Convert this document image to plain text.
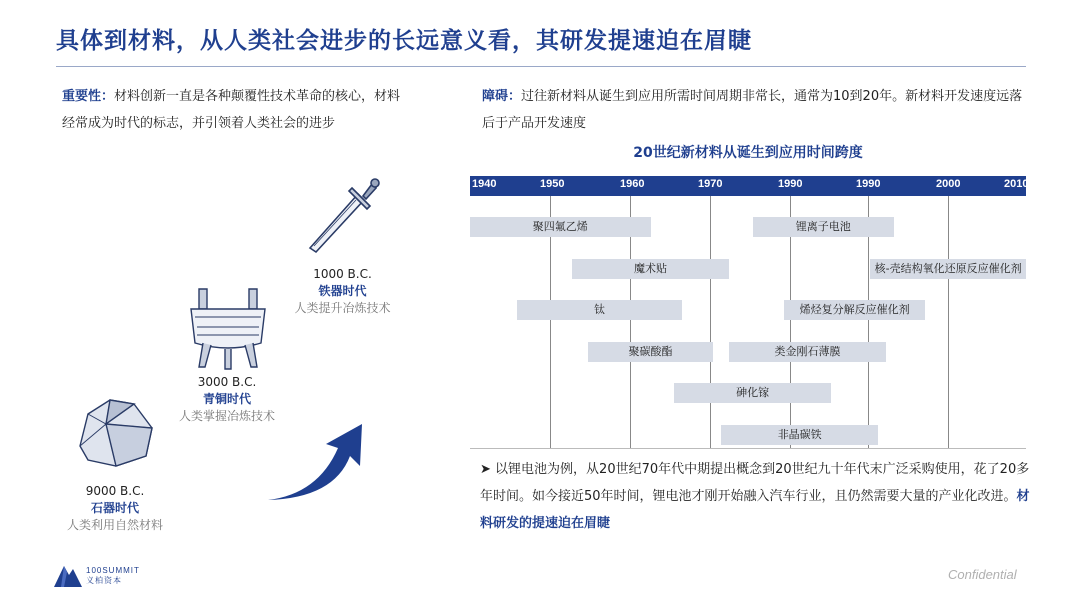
具体到材料，从人类社会进步的长远意义看，其研发提速迫在眉睫
重要性：材料创新一直是各种颠覆性技术革命的核心，材料经常成为时代的标志，并引领着人类社会的进步
1000 B.C.
铁器时代
人类提升冶炼技术
3000 B.C.
青铜时代
人类掌握冶炼技术
9000 B.C.
石器时代
人类利用自然材料
障碍：过往新材料从诞生到应用所需时间周期非常长，通常为10到20年。新材料开发速度远落后于产品开发速度
20世纪新材料从诞生到应用时间跨度
1940	1950	1960	1970	1990	1990	2000	2010
聚四氟乙烯	锂离子电池
魔术贴	核-壳结构氧化还原反应催化剂
钛	烯烃复分解反应催化剂
聚碳酸酯	类金刚石薄膜
砷化镓
非晶碳铁
➤ 以锂电池为例，从20世纪70年代中期提出概念到20世纪九十年代末广泛采购使用，花了20多年时间。如今接近50年时间，锂电池才刚开始融入汽车行业，且仍然需要大量的产业化改进。材料研发的提速迫在眉睫
100SUMMIT
义柏资本	Confidential
